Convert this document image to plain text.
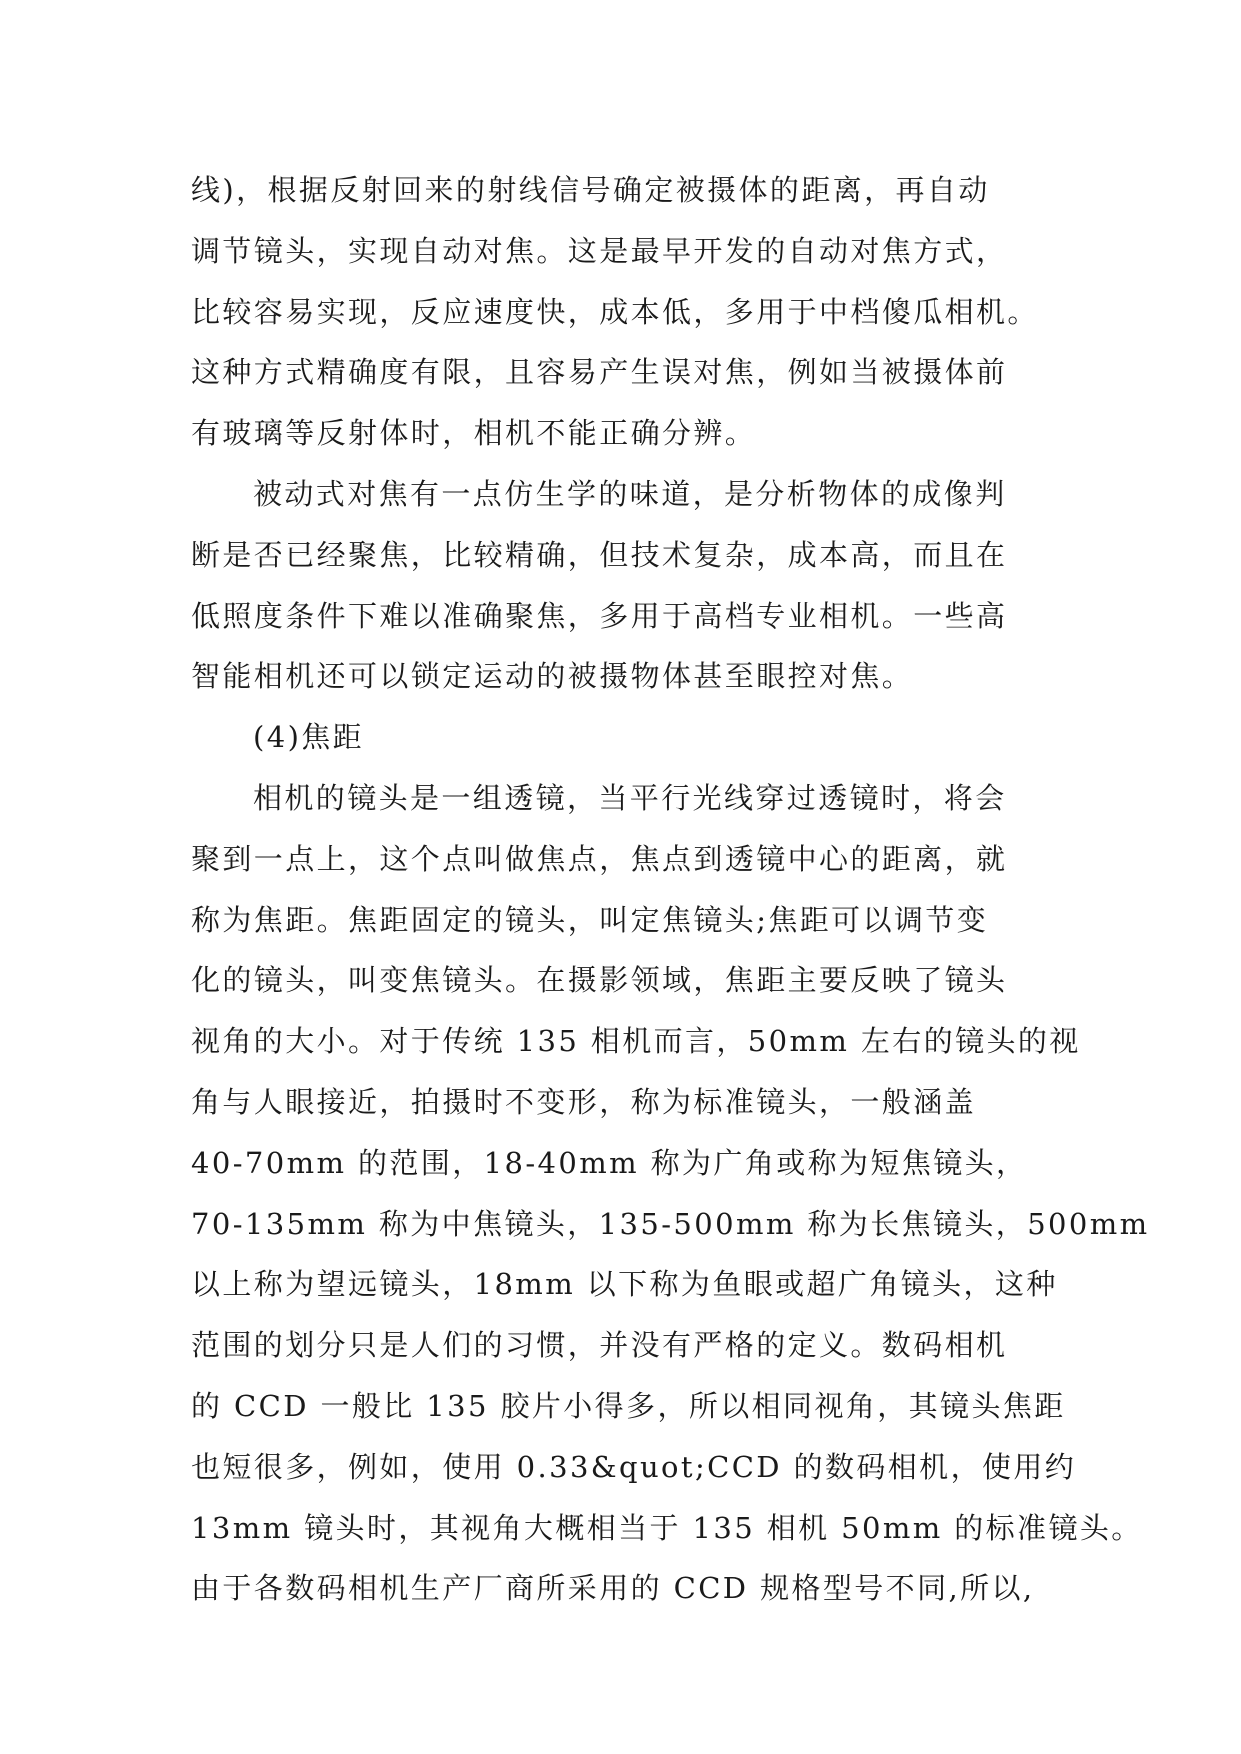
线)，根据反射回来的射线信号确定被摄体的距离，再自动
调节镜头，实现自动对焦。这是最早开发的自动对焦方式，
比较容易实现，反应速度快，成本低，多用于中档傻瓜相机。
这种方式精确度有限，且容易产生误对焦，例如当被摄体前
有玻璃等反射体时，相机不能正确分辨。
被动式对焦有一点仿生学的味道，是分析物体的成像判
断是否已经聚焦，比较精确，但技术复杂，成本高，而且在
低照度条件下难以准确聚焦，多用于高档专业相机。一些高
智能相机还可以锁定运动的被摄物体甚至眼控对焦。
(4)焦距
相机的镜头是一组透镜，当平行光线穿过透镜时，将会
聚到一点上，这个点叫做焦点，焦点到透镜中心的距离，就
称为焦距。焦距固定的镜头，叫定焦镜头;焦距可以调节变
化的镜头，叫变焦镜头。在摄影领域，焦距主要反映了镜头
视角的大小。对于传统 135 相机而言，50mm 左右的镜头的视
角与人眼接近，拍摄时不变形，称为标准镜头，一般涵盖
40-70mm 的范围，18-40mm 称为广角或称为短焦镜头，
70-135mm 称为中焦镜头，135-500mm 称为长焦镜头，500mm
以上称为望远镜头，18mm 以下称为鱼眼或超广角镜头，这种
范围的划分只是人们的习惯，并没有严格的定义。数码相机
的 CCD 一般比 135 胶片小得多，所以相同视角，其镜头焦距
也短很多，例如，使用 0.33&quot;CCD 的数码相机，使用约
13mm 镜头时，其视角大概相当于 135 相机 50mm 的标准镜头。
由于各数码相机生产厂商所采用的 CCD 规格型号不同,所以,
